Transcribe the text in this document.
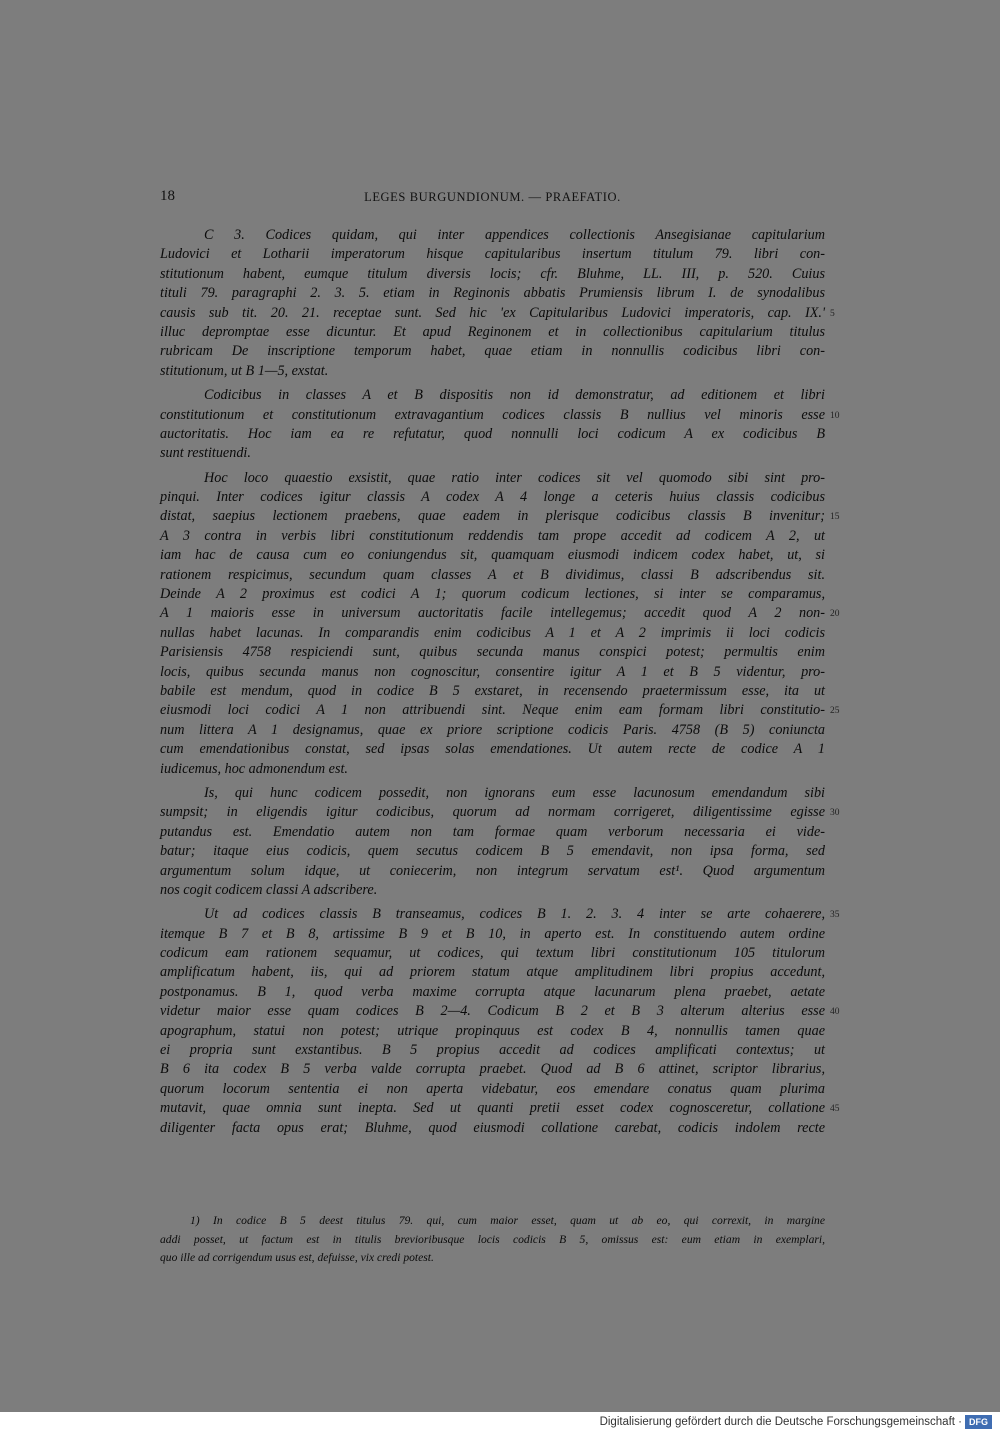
18	LEGES BURGUNDIONUM. — PRAEFATIO.
C 3. Codices quidam, qui inter appendices collectionis Ansegisianae capitularium
Ludovici et Lotharii imperatorum hisque capitularibus insertum titulum 79. libri con-
stitutionum habent, eumque titulum diversis locis; cfr. Bluhme, LL. III, p. 520. Cuius
tituli 79. paragraphi 2. 3. 5. etiam in Reginonis abbatis Prumiensis librum I. de synodalibus
causis sub tit. 20. 21. receptae sunt. Sed hic 'ex Capitularibus Ludovici imperatoris, cap. IX.' 5
illuc depromptae esse dicuntur. Et apud Reginonem et in collectionibus capitularium titulus
rubricam De inscriptione temporum habet, quae etiam in nonnullis codicibus libri con-
stitutionum, ut B 1—5, exstat.
Codicibus in classes A et B dispositis non id demonstratur, ad editionem et libri
constitutionum et constitutionum extravagantium codices classis B nullius vel minoris esse 10
auctoritatis. Hoc iam ea re refutatur, quod nonnulli loci codicum A ex codicibus B
sunt restituendi.
Hoc loco quaestio exsistit, quae ratio inter codices sit vel quomodo sibi sint pro-
pinqui. Inter codices igitur classis A codex A 4 longe a ceteris huius classis codicibus
distat, saepius lectionem praebens, quae eadem in plerisque codicibus classis B invenitur; 15
A 3 contra in verbis libri constitutionum reddendis tam prope accedit ad codicem A 2, ut
iam hac de causa cum eo coniungendus sit, quamquam eiusmodi indicem codex habet, ut, si
rationem respicimus, secundum quam classes A et B dividimus, classi B adscribendus sit.
Deinde A 2 proximus est codici A 1; quorum codicum lectiones, si inter se comparamus,
A 1 maioris esse in universum auctoritatis facile intellegemus; accedit quod A 2 non- 20
nullas habet lacunas. In comparandis enim codicibus A 1 et A 2 imprimis ii loci codicis
Parisiensis 4758 respiciendi sunt, quibus secunda manus conspici potest; permultis enim
locis, quibus secunda manus non cognoscitur, consentire igitur A 1 et B 5 videntur, pro-
babile est mendum, quod in codice B 5 exstaret, in recensendo praetermissum esse, ita ut
eiusmodi loci codici A 1 non attribuendi sint. Neque enim eam formam libri constitutio- 25
num littera A 1 designamus, quae ex priore scriptione codicis Paris. 4758 (B 5) coniuncta
cum emendationibus constat, sed ipsas solas emendationes. Ut autem recte de codice A 1
iudicemus, hoc admonendum est.
Is, qui hunc codicem possedit, non ignorans eum esse lacunosum emendandum sibi
sumpsit; in eligendis igitur codicibus, quorum ad normam corrigeret, diligentissime egisse 30
putandus est. Emendatio autem non tam formae quam verborum necessaria ei vide-
batur; itaque eius codicis, quem secutus codicem B 5 emendavit, non ipsa forma, sed
argumentum solum idque, ut coniecerim, non integrum servatum est¹. Quod argumentum
nos cogit codicem classi A adscribere.
Ut ad codices classis B transeamus, codices B 1. 2. 3. 4 inter se arte cohaerere, 35
itemque B 7 et B 8, artissime B 9 et B 10, in aperto est. In constituendo autem ordine
codicum eam rationem sequamur, ut codices, qui textum libri constitutionum 105 titulorum
amplificatum habent, iis, qui ad priorem statum atque amplitudinem libri propius accedunt,
postponamus. B 1, quod verba maxime corrupta atque lacunarum plena praebet, aetate
videtur maior esse quam codices B 2—4. Codicum B 2 et B 3 alterum alterius esse 40
apographum, statui non potest; utrique propinquus est codex B 4, nonnullis tamen quae
ei propria sunt exstantibus. B 5 propius accedit ad codices amplificati contextus; ut
B 6 ita codex B 5 verba valde corrupta praebet. Quod ad B 6 attinet, scriptor librarius,
quorum locorum sententia ei non aperta videbatur, eos emendare conatus quam plurima
mutavit, quae omnia sunt inepta. Sed ut quanti pretii esset codex cognosceretur, collatione 45
diligenter facta opus erat; Bluhme, quod eiusmodi collatione carebat, codicis indolem recte
1) In codice B 5 deest titulus 79. qui, cum maior esset, quam ut ab eo, qui correxit, in margine
addi posset, ut factum est in titulis brevioribusque locis codicis B 5, omissus est: eum etiam in exemplari,
quo ille ad corrigendum usus est, defuisse, vix credi potest.
Digitalisierung gefördert durch die Deutsche Forschungsgemeinschaft · DFG
